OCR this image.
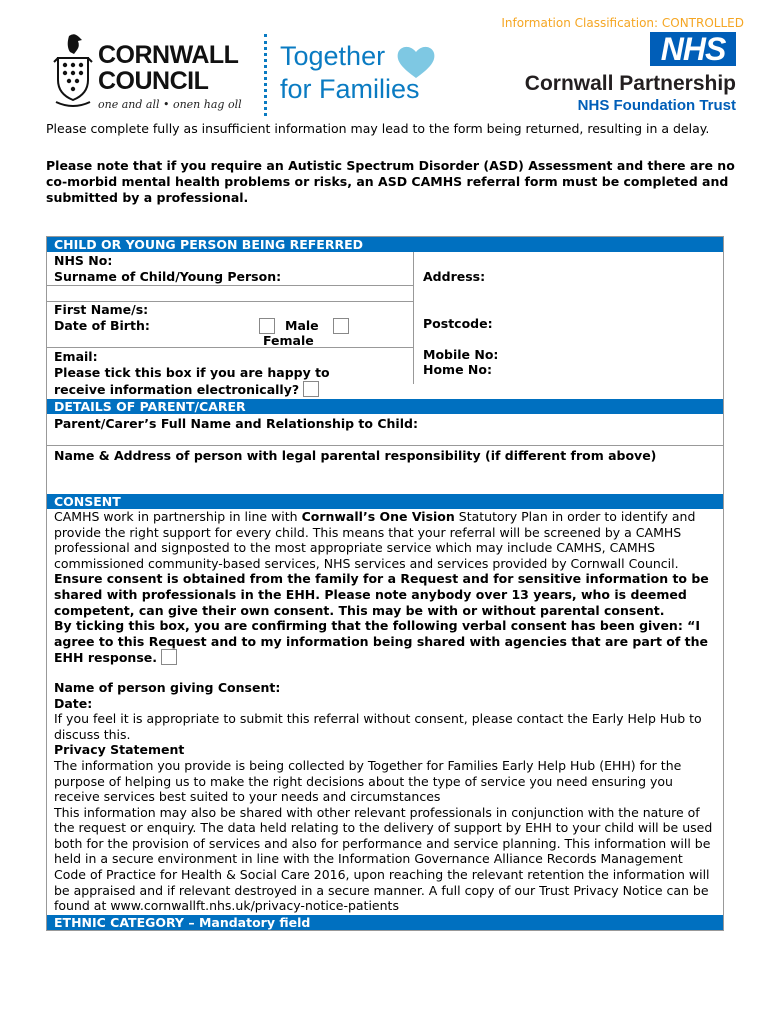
Information Classification: CONTROLLED
CORNWALL
COUNCIL
one and all • onen hag oll
Together
for Families
NHS
Cornwall Partnership
NHS Foundation Trust
Please complete fully as insufficient information may lead to the form being returned, resulting in a delay.
Please note that if you require an Autistic Spectrum Disorder (ASD) Assessment and there are no co-morbid mental health problems or risks, an ASD CAMHS referral form must be completed and submitted by a professional.
CHILD OR YOUNG PERSON BEING REFERRED
NHS No:
Surname of Child/Young Person:
First Name/s:
Date of Birth:	Male
Female
Email:
Please tick this box if you are happy to
receive information electronically?
Address:
Postcode:
Mobile No:
Home No:
DETAILS OF PARENT/CARER
Parent/Carer’s Full Name and Relationship to Child:
Name & Address of person with legal parental responsibility (if different from above)
CONSENT
CAMHS work in partnership in line with Cornwall’s One Vision Statutory Plan in order to identify and provide the right support for every child. This means that your referral will be screened by a CAMHS professional and signposted to the most appropriate service which may include CAMHS, CAMHS commissioned community-based services, NHS services and services provided by Cornwall Council.
Ensure consent is obtained from the family for a Request and for sensitive information to be shared with professionals in the EHH. Please note anybody over 13 years, who is deemed competent, can give their own consent. This may be with or without parental consent.
By ticking this box, you are confirming that the following verbal consent has been given: “I agree to this Request and to my information being shared with agencies that are part of the EHH response.
Name of person giving Consent:
Date:
If you feel it is appropriate to submit this referral without consent, please contact the Early Help Hub to discuss this.
Privacy Statement
The information you provide is being collected by Together for Families Early Help Hub (EHH) for the purpose of helping us to make the right decisions about the type of service you need ensuring you receive services best suited to your needs and circumstances
This information may also be shared with other relevant professionals in conjunction with the nature of the request or enquiry. The data held relating to the delivery of support by EHH to your child will be used both for the provision of services and also for performance and service planning. This information will be held in a secure environment in line with the Information Governance Alliance Records Management Code of Practice for Health & Social Care 2016, upon reaching the relevant retention the information will be appraised and if relevant destroyed in a secure manner. A full copy of our Trust Privacy Notice can be found at www.cornwallft.nhs.uk/privacy-notice-patients
ETHNIC CATEGORY – Mandatory field
